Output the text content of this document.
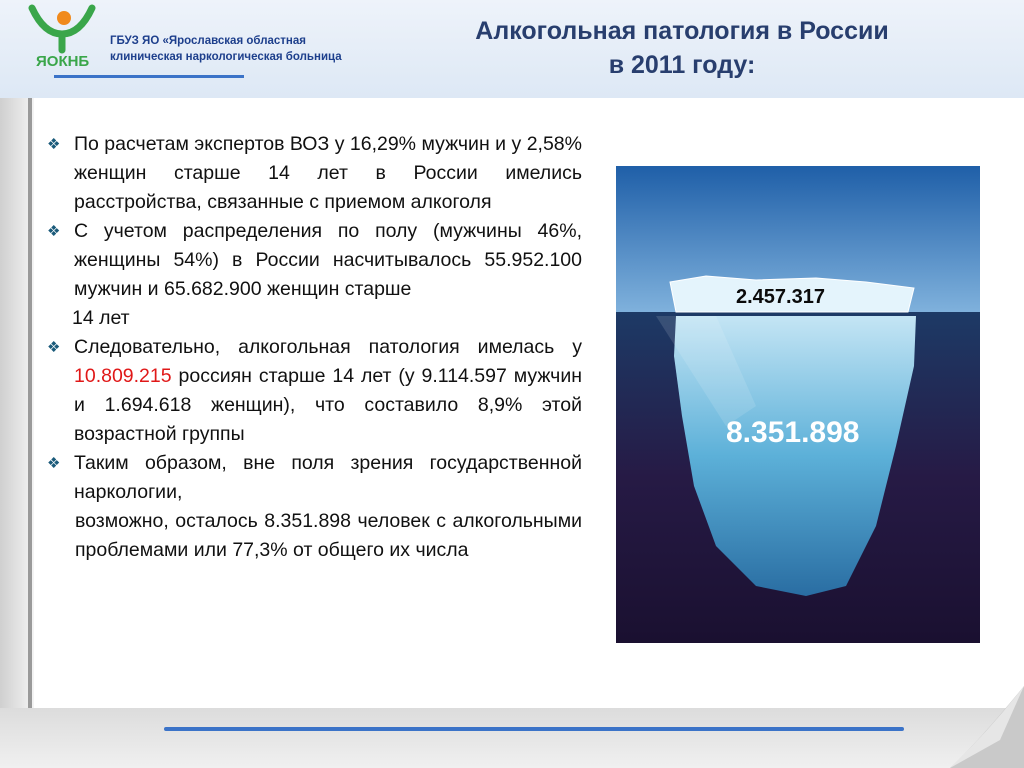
ЯОКНБ
ГБУЗ ЯО «Ярославская областная
клиническая наркологическая больница
Алкогольная патология в России
в 2011 году:
❖ По расчетам экспертов ВОЗ у 16,29% мужчин и у 2,58% женщин старше 14 лет в России имелись расстройства, связанные с приемом алкоголя
❖ С учетом распределения по полу (мужчины 46%, женщины 54%) в России насчитывалось 55.952.100 мужчин и 65.682.900 женщин старше
14 лет
❖ Следовательно, алкогольная патология имелась у 10.809.215 россиян старше 14 лет (у 9.114.597 мужчин и 1.694.618 женщин), что составило 8,9% этой возрастной группы
❖ Таким образом, вне поля зрения государственной наркологии,
возможно, осталось 8.351.898 человек с алкогольными проблемами или 77,3% от общего их числа
2.457.317
8.351.898
